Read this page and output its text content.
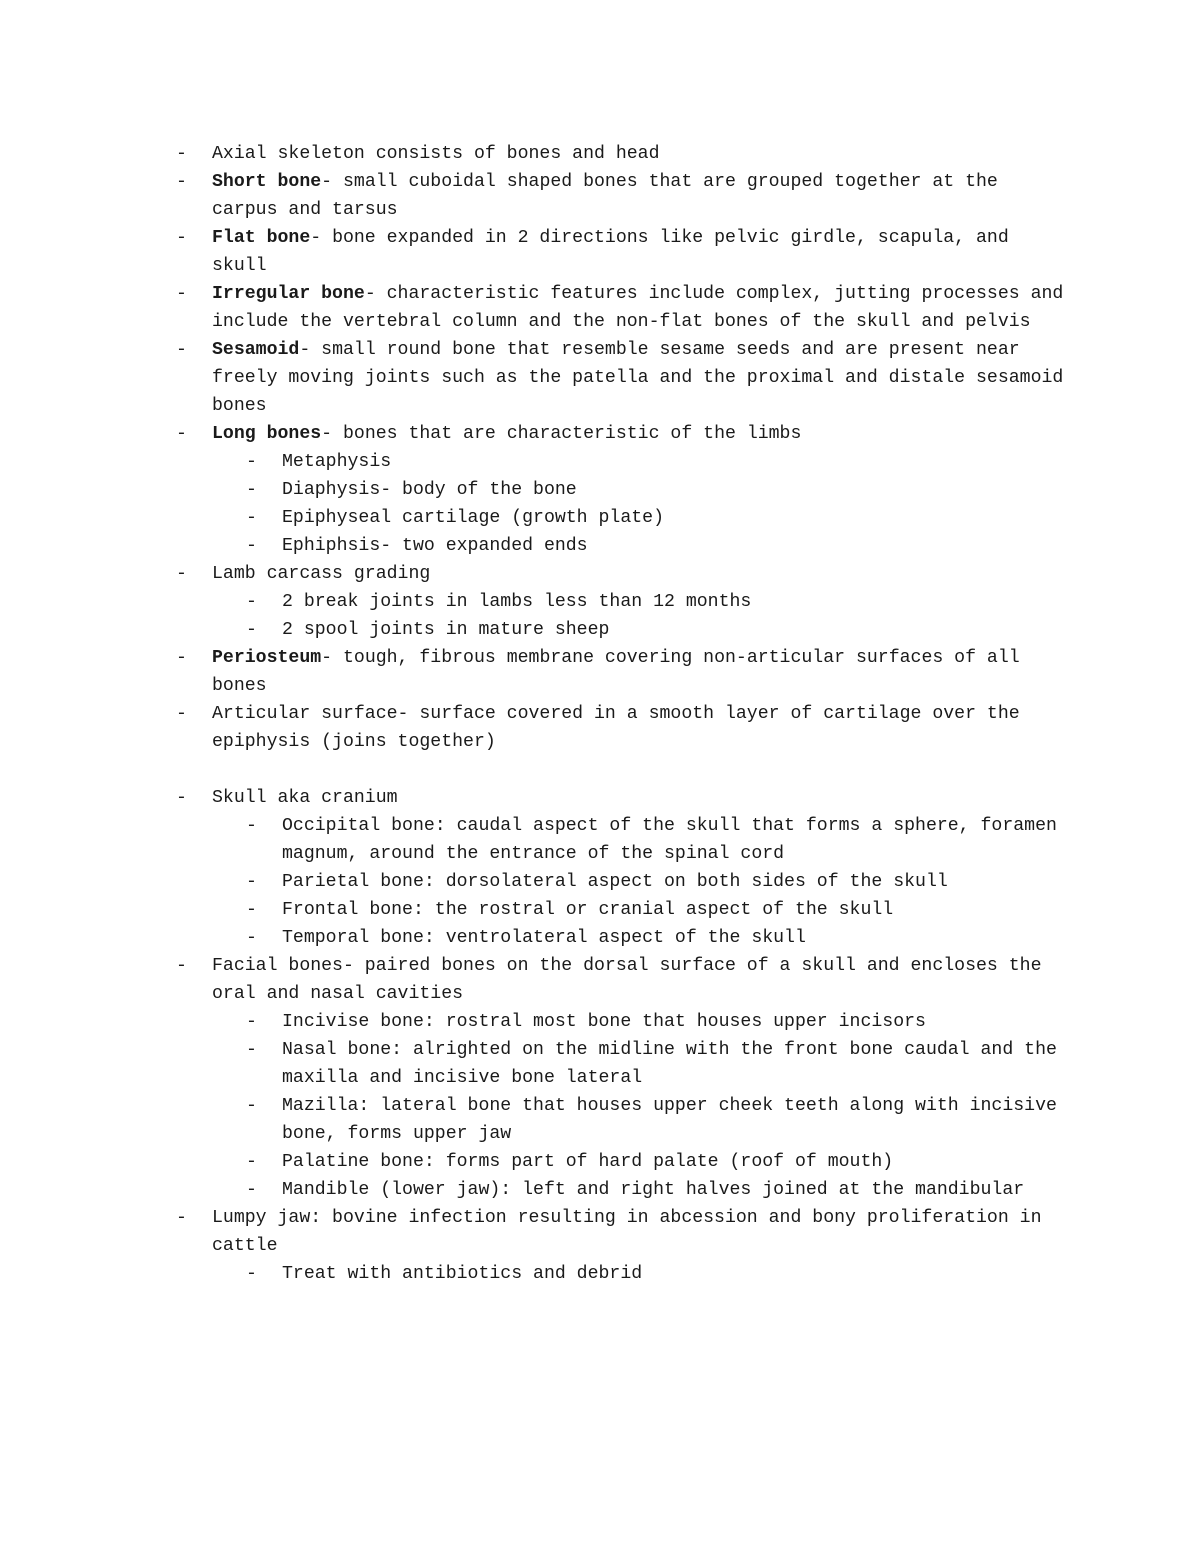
- Axial skeleton consists of bones and head
- Short bone- small cuboidal shaped bones that are grouped together at the carpus and tarsus
- Flat bone- bone expanded in 2 directions like pelvic girdle, scapula, and skull
- Irregular bone- characteristic features include complex, jutting processes and include the vertebral column and the non-flat bones of the skull and pelvis
- Sesamoid- small round bone that resemble sesame seeds and are present near freely moving joints such as the patella and the proximal and distale sesamoid bones
- Long bones- bones that are characteristic of the limbs
- Metaphysis
- Diaphysis- body of the bone
- Epiphyseal cartilage (growth plate)
- Ephiphsis- two expanded ends
- Lamb carcass grading
- 2 break joints in lambs less than 12 months
- 2 spool joints in mature sheep
- Periosteum- tough, fibrous membrane covering non-articular surfaces of all bones
- Articular surface- surface covered in a smooth layer of cartilage over the epiphysis (joins together)
- Skull aka cranium
- Occipital bone: caudal aspect of the skull that forms a sphere, foramen magnum, around the entrance of the spinal cord
- Parietal bone: dorsolateral aspect on both sides of the skull
- Frontal bone: the rostral or cranial aspect of the skull
- Temporal bone: ventrolateral aspect of the skull
- Facial bones- paired bones on the dorsal surface of a skull and encloses the oral and nasal cavities
- Incivise bone: rostral most bone that houses upper incisors
- Nasal bone: alrighted on the midline with the front bone caudal and the maxilla and incisive bone lateral
- Mazilla: lateral bone that houses upper cheek teeth along with incisive bone, forms upper jaw
- Palatine bone: forms part of hard palate (roof of mouth)
- Mandible (lower jaw): left and right halves joined at the mandibular
- Lumpy jaw: bovine infection resulting in abcession and bony proliferation in cattle
- Treat with antibiotics and debrid
